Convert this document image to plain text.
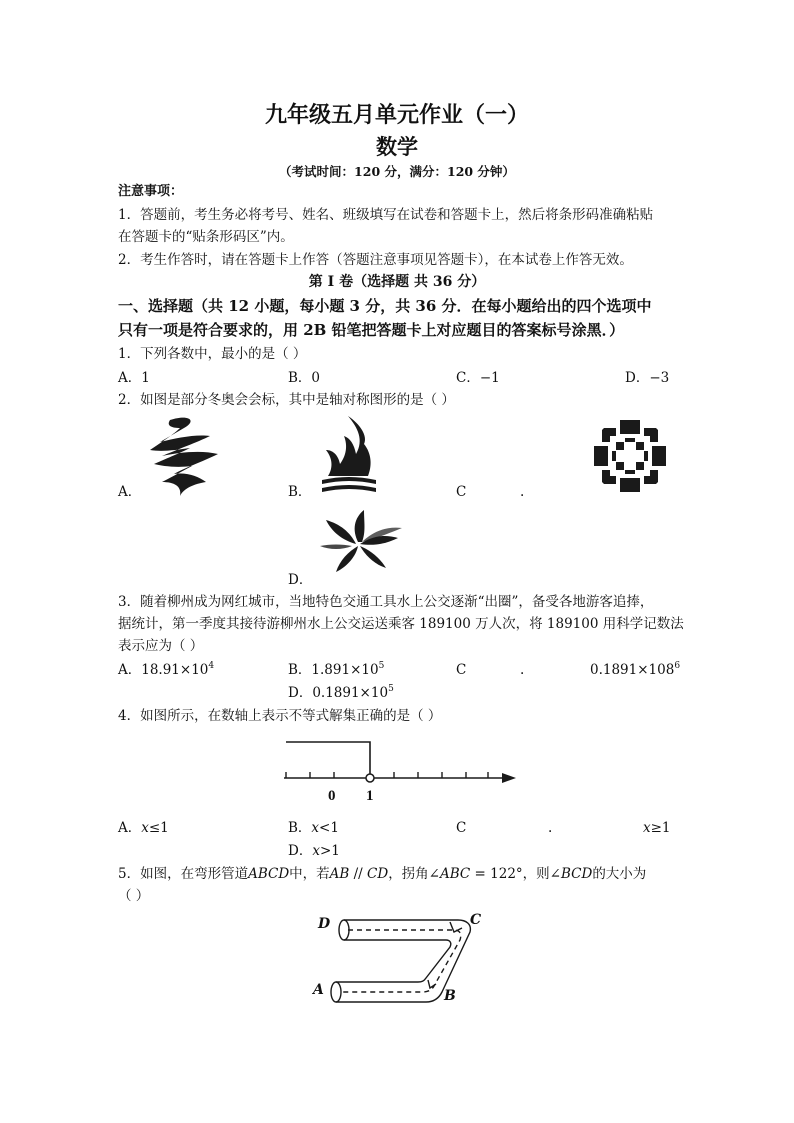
九年级五月单元作业（一）
数学
（考试时间：120 分，满分：120 分钟）
注意事项：
1．答题前，考生务必将考号、姓名、班级填写在试卷和答题卡上，然后将条形码准确粘贴
在答题卡的“贴条形码区”内。
2．考生作答时，请在答题卡上作答（答题注意事项见答题卡），在本试卷上作答无效。
第 I 卷（选择题 共 36 分）
一、选择题（共 12 小题，每小题 3 分，共 36 分．在每小题给出的四个选项中
只有一项是符合要求的，用 2B 铅笔把答题卡上对应题目的答案标号涂黑．）
1．下列各数中，最小的是（ ）
A．1	B．0	C．−1	D．−3
2．如图是部分冬奥会会标，其中是轴对称图形的是（ ）
A．	B．	C	.
D．
3．随着柳州成为网红城市，当地特色交通工具水上公交逐渐“出圈”，备受各地游客追捧，
据统计，第一季度其接待游柳州水上公交运送乘客 189100 万人次，将 189100 用科学记数法
表示应为（ ）
A．$18.91\times 10^4$	B．$1.891\times 10^5$	C	.	$0.1891\times 108^6$
D．$0.1891\times 10^5$
4．如图所示，在数轴上表示不等式解集正确的是（ ）
0 1
A．x≤1	B．x<1	C	.	x≥1
D．x>1
5．如图，在弯形管道ABCD中，若AB // CD，拐角∠ABC = 122°，则∠BCD的大小为
（ ）
D	C
A	B
